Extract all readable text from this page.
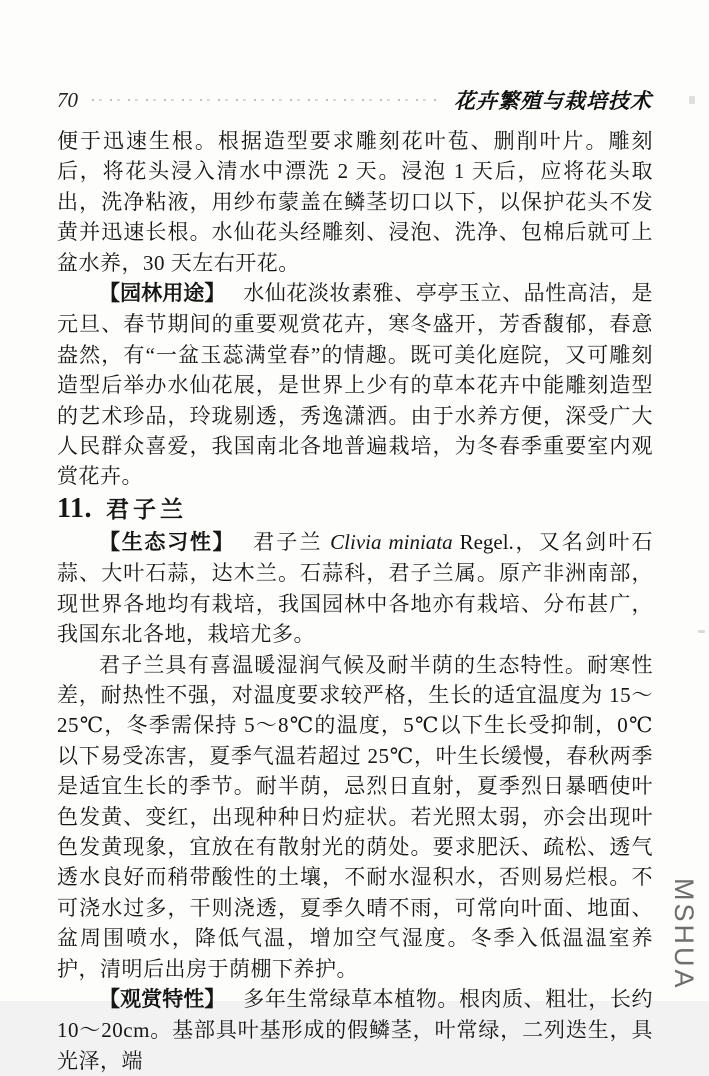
70	花卉繁殖与栽培技术

便于迅速生根。根据造型要求雕刻花叶苞、删削叶片。雕刻后，将花头浸入清水中漂洗 2 天。浸泡 1 天后，应将花头取出，洗净粘液，用纱布蒙盖在鳞茎切口以下，以保护花头不发黄并迅速长根。水仙花头经雕刻、浸泡、洗净、包棉后就可上盆水养，30 天左右开花。

【园林用途】 水仙花淡妆素雅、亭亭玉立、品性高洁，是元旦、春节期间的重要观赏花卉，寒冬盛开，芳香馥郁，春意盎然，有“一盆玉蕊满堂春”的情趣。既可美化庭院，又可雕刻造型后举办水仙花展，是世界上少有的草本花卉中能雕刻造型的艺术珍品，玲珑剔透，秀逸潇洒。由于水养方便，深受广大人民群众喜爱，我国南北各地普遍栽培，为冬春季重要室内观赏花卉。

11. 君子兰

【生态习性】 君子兰 Clivia miniata Regel.，又名剑叶石蒜、大叶石蒜，达木兰。石蒜科，君子兰属。原产非洲南部，现世界各地均有栽培，我国园林中各地亦有栽培、分布甚广，我国东北各地，栽培尤多。

君子兰具有喜温暖湿润气候及耐半荫的生态特性。耐寒性差，耐热性不强，对温度要求较严格，生长的适宜温度为 15～25℃，冬季需保持 5～8℃的温度，5℃以下生长受抑制，0℃以下易受冻害，夏季气温若超过 25℃，叶生长缓慢，春秋两季是适宜生长的季节。耐半荫，忌烈日直射，夏季烈日暴晒使叶色发黄、变红，出现种种日灼症状。若光照太弱，亦会出现叶色发黄现象，宜放在有散射光的荫处。要求肥沃、疏松、透气透水良好而稍带酸性的土壤，不耐水湿积水，否则易烂根。不可浇水过多，干则浇透，夏季久晴不雨，可常向叶面、地面、盆周围喷水，降低气温，增加空气湿度。冬季入低温温室养护，清明后出房于荫棚下养护。

【观赏特性】 多年生常绿草本植物。根肉质、粗壮，长约 10～20cm。基部具叶基形成的假鳞茎，叶常绿，二列迭生，具光泽，端

MSHUA
